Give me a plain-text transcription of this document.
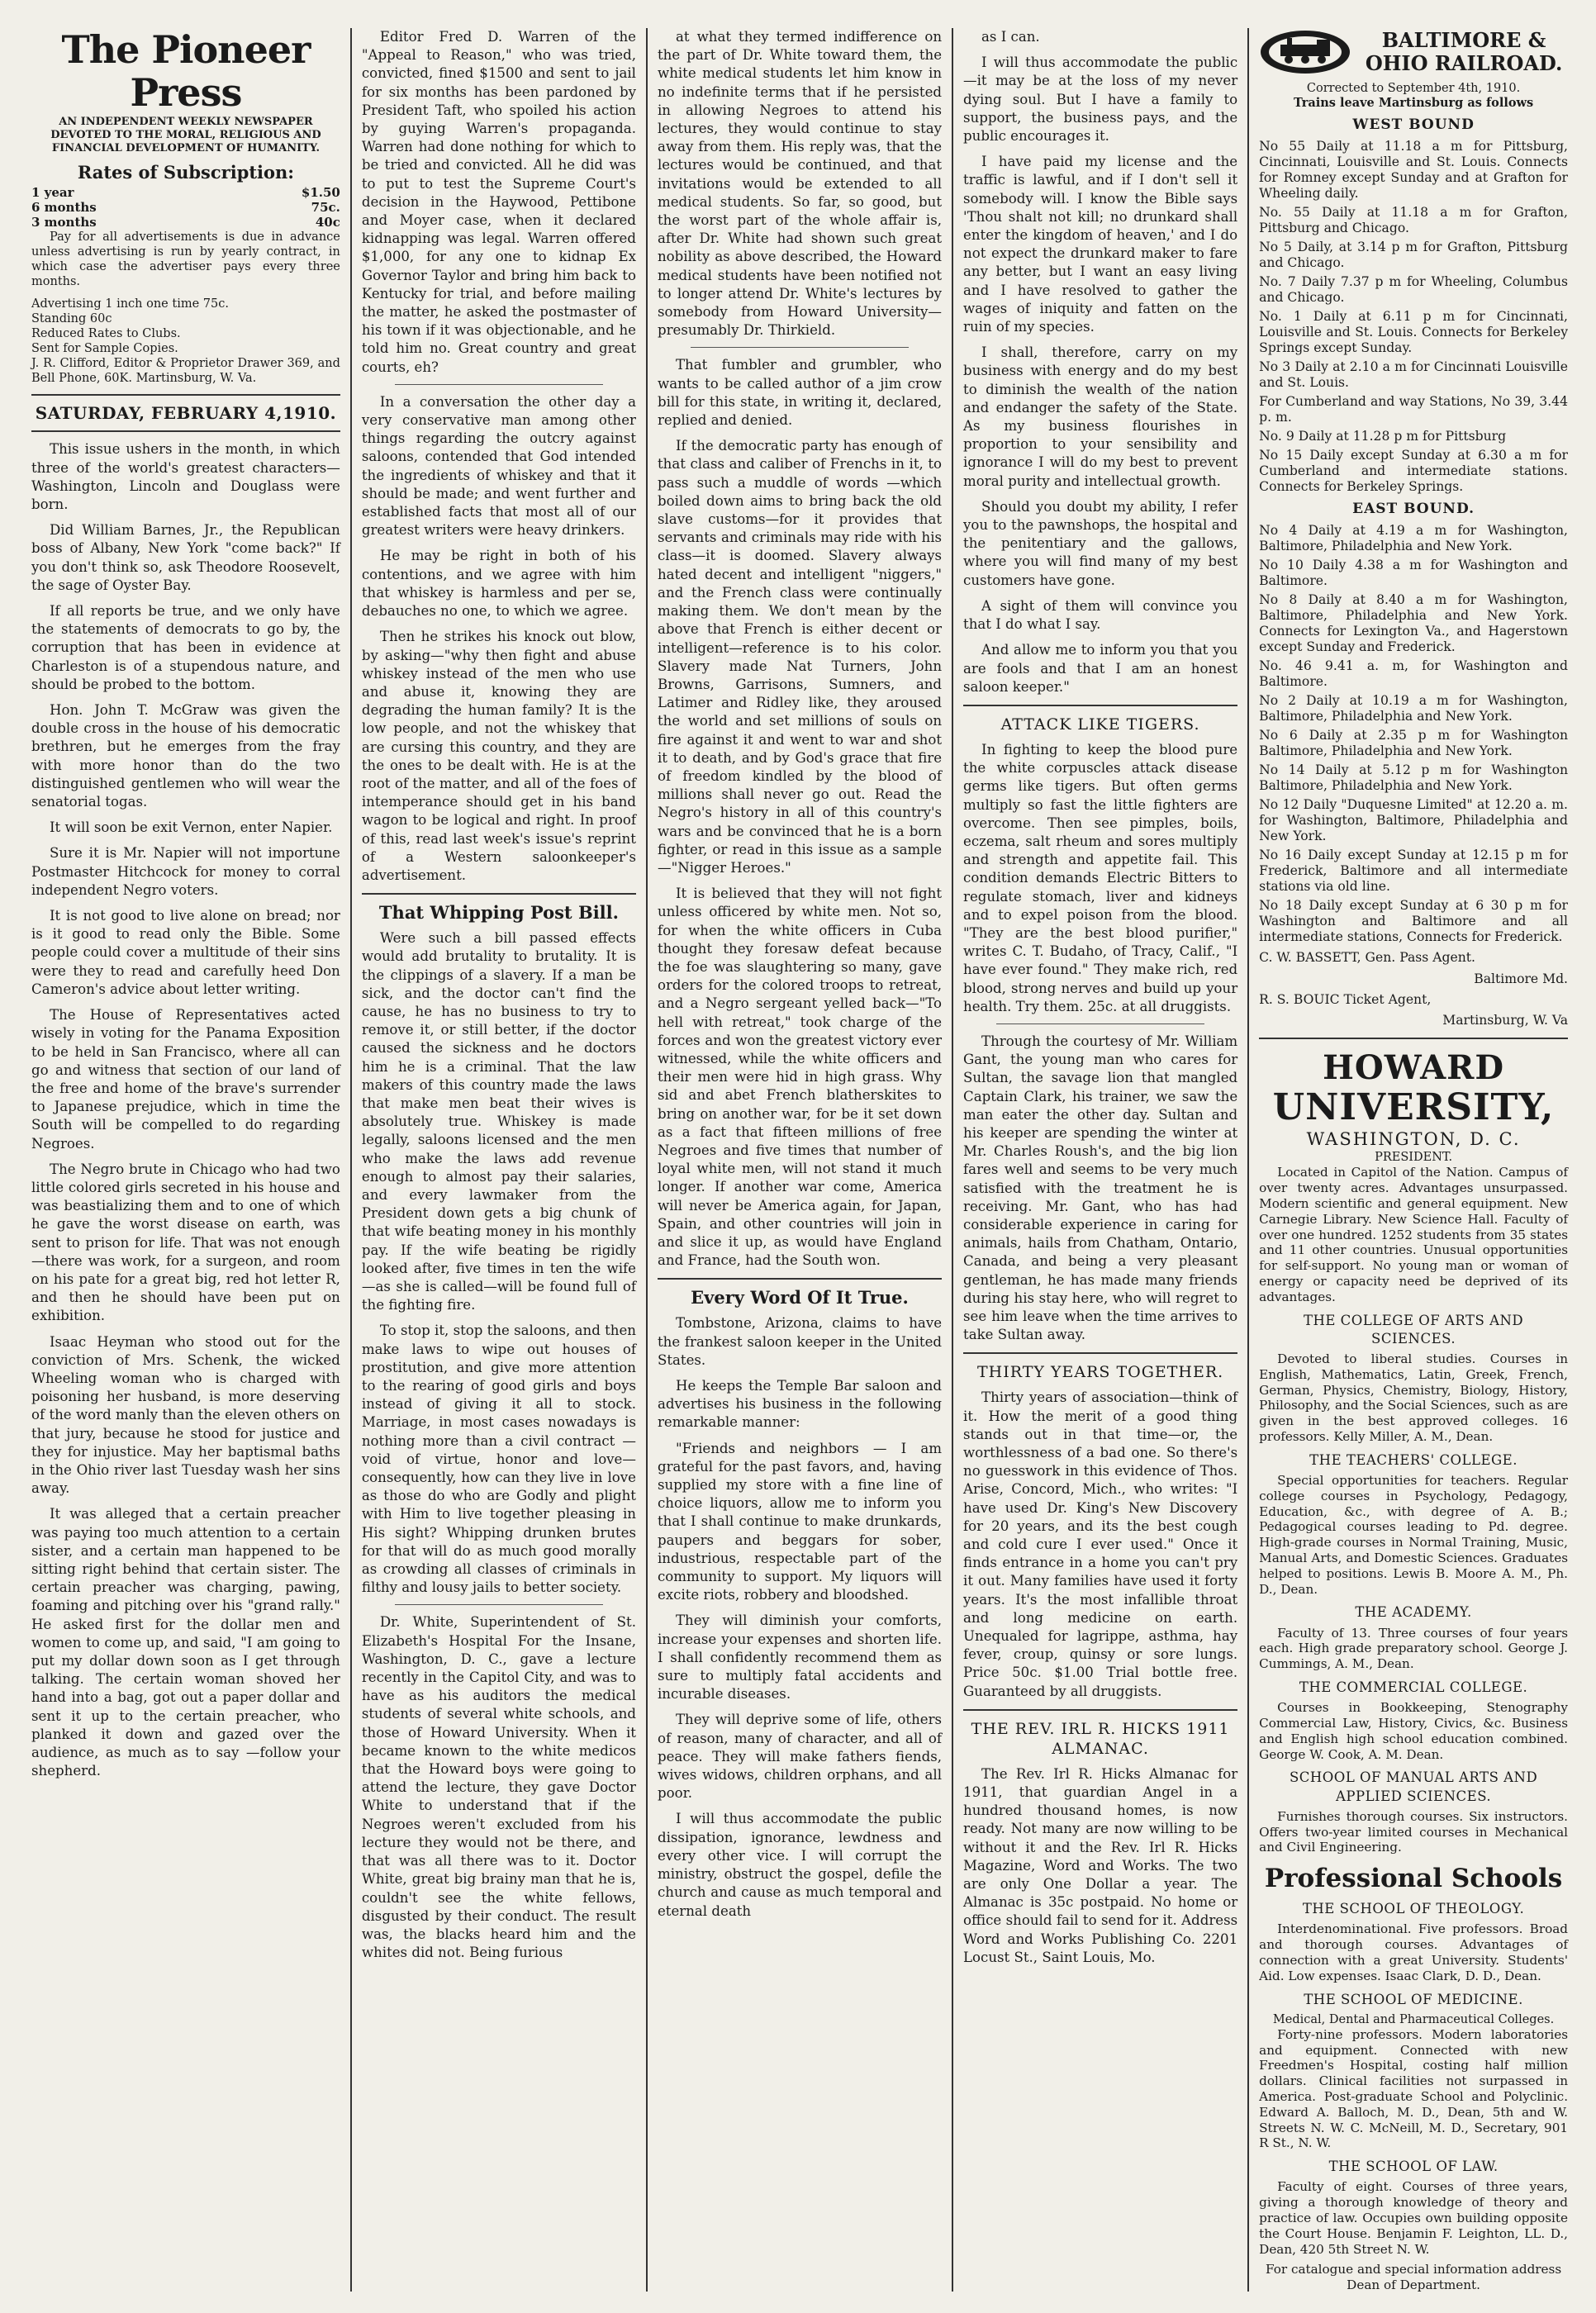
The Pioneer Press
AN INDEPENDENT WEEKLY NEWSPAPER DEVOTED TO THE MORAL, RELIGIOUS AND FINANCIAL DEVELOPMENT OF HUMANITY.
Rates of Subscription:
1 year	$1.50
6 months	75c.
3 months	40c

Pay for all advertisements is due in advance unless advertising is run by yearly contract, in which case the advertiser pays every three months.

Advertising 1 inch one time 75c.
Standing 60c
Reduced Rates to Clubs.
Sent for Sample Copies.
J. R. Clifford, Editor & Proprietor Drawer 369, and Bell Phone, 60K. Martinsburg, W. Va.
SATURDAY, FEBRUARY 4,1910.

This issue ushers in the month, in which three of the world's greatest characters—Washington, Lincoln and Douglass were born.

Did William Barnes, Jr., the Republican boss of Albany, New York "come back?" If you don't think so, ask Theodore Roosevelt, the sage of Oyster Bay.

If all reports be true, and we only have the statements of democrats to go by, the corruption that has been in evidence at Charleston is of a stupendous nature, and should be probed to the bottom.

Hon. John T. McGraw was given the double cross in the house of his democratic brethren, but he emerges from the fray with more honor than do the two distinguished gentlemen who will wear the senatorial togas.

It will soon be exit Vernon, enter Napier.

Sure it is Mr. Napier will not importune Postmaster Hitchcock for money to corral independent Negro voters.

It is not good to live alone on bread; nor is it good to read only the Bible. Some people could cover a multitude of their sins were they to read and carefully heed Don Cameron's advice about letter writing.

The House of Representatives acted wisely in voting for the Panama Exposition to be held in San Francisco, where all can go and witness that section of our land of the free and home of the brave's surrender to Japanese prejudice, which in time the South will be compelled to do regarding Negroes.

The Negro brute in Chicago who had two little colored girls secreted in his house and was beastializing them and to one of which he gave the worst disease on earth, was sent to prison for life. That was not enough—there was work, for a surgeon, and room on his pate for a great big, red hot letter R, and then he should have been put on exhibition.

Isaac Heyman who stood out for the conviction of Mrs. Schenk, the wicked Wheeling woman who is charged with poisoning her husband, is more deserving of the word manly than the eleven others on that jury, because he stood for justice and they for injustice. May her baptismal baths in the Ohio river last Tuesday wash her sins away.

It was alleged that a certain preacher was paying too much attention to a certain sister, and a certain man happened to be sitting right behind that certain sister. The certain preacher was charging, pawing, foaming and pitching over his "grand rally." He asked first for the dollar men and women to come up, and said, "I am going to put my dollar down soon as I get through talking. The certain woman shoved her hand into a bag, got out a paper dollar and sent it up to the certain preacher, who planked it down and gazed over the audience, as much as to say —follow your shepherd.

Editor Fred D. Warren of the "Appeal to Reason," who was tried, convicted, fined $1500 and sent to jail for six months has been pardoned by President Taft, who spoiled his action by guying Warren's propaganda. Warren had done nothing for which to be tried and convicted. All he did was to put to test the Supreme Court's decision in the Haywood, Pettibone and Moyer case, when it declared kidnapping was legal. Warren offered $1,000, for any one to kidnap Ex Governor Taylor and bring him back to Kentucky for trial, and before mailing the matter, he asked the postmaster of his town if it was objectionable, and he told him no. Great country and great courts, eh?

In a conversation the other day a very conservative man among other things regarding the outcry against saloons, contended that God intended the ingredients of whiskey and that it should be made; and went further and established facts that most all of our greatest writers were heavy drinkers.

He may be right in both of his contentions, and we agree with him that whiskey is harmless and per se, debauches no one, to which we agree.

Then he strikes his knock out blow, by asking—"why then fight and abuse whiskey instead of the men who use and abuse it, knowing they are degrading the human family? It is the low people, and not the whiskey that are cursing this country, and they are the ones to be dealt with. He is at the root of the matter, and all of the foes of intemperance should get in his band wagon to be logical and right. In proof of this, read last week's issue's reprint of a Western saloonkeeper's advertisement.

That Whipping Post Bill.

Were such a bill passed effects would add brutality to brutality. It is the clippings of a slavery. If a man be sick, and the doctor can't find the cause, he has no business to try to remove it, or still better, if the doctor caused the sickness and he doctors him he is a criminal. That the law makers of this country made the laws that make men beat their wives is absolutely true. Whiskey is made legally, saloons licensed and the men who make the laws add revenue enough to almost pay their salaries, and every lawmaker from the President down gets a big chunk of that wife beating money in his monthly pay. If the wife beating be rigidly looked after, five times in ten the wife—as she is called—will be found full of the fighting fire.

To stop it, stop the saloons, and then make laws to wipe out houses of prostitution, and give more attention to the rearing of good girls and boys instead of giving it all to stock. Marriage, in most cases nowadays is nothing more than a civil contract —void of virtue, honor and love—consequently, how can they live in love as those do who are Godly and plight with Him to live together pleasing in His sight? Whipping drunken brutes for that will do as much good morally as crowding all classes of criminals in filthy and lousy jails to better society.

Dr. White, Superintendent of St. Elizabeth's Hospital For the Insane, Washington, D. C., gave a lecture recently in the Capitol City, and was to have as his auditors the medical students of several white schools, and those of Howard University. When it became known to the white medicos that the Howard boys were going to attend the lecture, they gave Doctor White to understand that if the Negroes weren't excluded from his lecture they would not be there, and that was all there was to it. Doctor White, great big brainy man that he is, couldn't see the white fellows, disgusted by their conduct. The result was, the blacks heard him and the whites did not. Being furious

at what they termed indifference on the part of Dr. White toward them, the white medical students let him know in no indefinite terms that if he persisted in allowing Negroes to attend his lectures, they would continue to stay away from them. His reply was, that the lectures would be continued, and that invitations would be extended to all medical students. So far, so good, but the worst part of the whole affair is, after Dr. White had shown such great nobility as above described, the Howard medical students have been notified not to longer attend Dr. White's lectures by somebody from Howard University—presumably Dr. Thirkield.

That fumbler and grumbler, who wants to be called author of a jim crow bill for this state, in writing it, declared, replied and denied.

If the democratic party has enough of that class and caliber of Frenchs in it, to pass such a muddle of words —which boiled down aims to bring back the old slave customs—for it provides that servants and criminals may ride with his class—it is doomed. Slavery always hated decent and intelligent "niggers," and the French class were continually making them. We don't mean by the above that French is either decent or intelligent—reference is to his color. Slavery made Nat Turners, John Browns, Garrisons, Sumners, and Latimer and Ridley like, they aroused the world and set millions of souls on fire against it and went to war and shot it to death, and by God's grace that fire of freedom kindled by the blood of millions shall never go out. Read the Negro's history in all of this country's wars and be convinced that he is a born fighter, or read in this issue as a sample—"Nigger Heroes."

It is believed that they will not fight unless officered by white men. Not so, for when the white officers in Cuba thought they foresaw defeat because the foe was slaughtering so many, gave orders for the colored troops to retreat, and a Negro sergeant yelled back—"To hell with retreat," took charge of the forces and won the greatest victory ever witnessed, while the white officers and their men were hid in high grass. Why sid and abet French blatherskites to bring on another war, for be it set down as a fact that fifteen millions of free Negroes and five times that number of loyal white men, will not stand it much longer. If another war come, America will never be America again, for Japan, Spain, and other countries will join in and slice it up, as would have England and France, had the South won.

Every Word Of It True.

Tombstone, Arizona, claims to have the frankest saloon keeper in the United States.

He keeps the Temple Bar saloon and advertises his business in the following remarkable manner:

"Friends and neighbors — I am grateful for the past favors, and, having supplied my store with a fine line of choice liquors, allow me to inform you that I shall continue to make drunkards, paupers and beggars for sober, industrious, respectable part of the community to support. My liquors will excite riots, robbery and bloodshed.

They will diminish your comforts, increase your expenses and shorten life. I shall confidently recommend them as sure to multiply fatal accidents and incurable diseases.

They will deprive some of life, others of reason, many of character, and all of peace. They will make fathers fiends, wives widows, children orphans, and all poor.

I will thus accommodate the public dissipation, ignorance, lewdness and every other vice. I will corrupt the ministry, obstruct the gospel, defile the church and cause as much temporal and eternal death

as I can.

I will thus accommodate the public—it may be at the loss of my never dying soul. But I have a family to support, the business pays, and the public encourages it.

I have paid my license and the traffic is lawful, and if I don't sell it somebody will. I know the Bible says 'Thou shalt not kill; no drunkard shall enter the kingdom of heaven,' and I do not expect the drunkard maker to fare any better, but I want an easy living and I have resolved to gather the wages of iniquity and fatten on the ruin of my species.

I shall, therefore, carry on my business with energy and do my best to diminish the wealth of the nation and endanger the safety of the State. As my business flourishes in proportion to your sensibility and ignorance I will do my best to prevent moral purity and intellectual growth.

Should you doubt my ability, I refer you to the pawnshops, the hospital and the penitentiary and the gallows, where you will find many of my best customers have gone.

A sight of them will convince you that I do what I say.

And allow me to inform you that you are fools and that I am an honest saloon keeper."

ATTACK LIKE TIGERS.

In fighting to keep the blood pure the white corpuscles attack disease germs like tigers. But often germs multiply so fast the little fighters are overcome. Then see pimples, boils, eczema, salt rheum and sores multiply and strength and appetite fail. This condition demands Electric Bitters to regulate stomach, liver and kidneys and to expel poison from the blood. "They are the best blood purifier," writes C. T. Budaho, of Tracy, Calif., "I have ever found." They make rich, red blood, strong nerves and build up your health. Try them. 25c. at all druggists.

Through the courtesy of Mr. William Gant, the young man who cares for Sultan, the savage lion that mangled Captain Clark, his trainer, we saw the man eater the other day. Sultan and his keeper are spending the winter at Mr. Charles Roush's, and the big lion fares well and seems to be very much satisfied with the treatment he is receiving. Mr. Gant, who has had considerable experience in caring for animals, hails from Chatham, Ontario, Canada, and being a very pleasant gentleman, he has made many friends during his stay here, who will regret to see him leave when the time arrives to take Sultan away.

THIRTY YEARS TOGETHER.

Thirty years of association—think of it. How the merit of a good thing stands out in that time—or, the worthlessness of a bad one. So there's no guesswork in this evidence of Thos. Arise, Concord, Mich., who writes: "I have used Dr. King's New Discovery for 20 years, and its the best cough and cold cure I ever used." Once it finds entrance in a home you can't pry it out. Many families have used it forty years. It's the most infallible throat and long medicine on earth. Unequaled for lagrippe, asthma, hay fever, croup, quinsy or sore lungs. Price 50c. $1.00 Trial bottle free. Guaranteed by all druggists.

THE REV. IRL R. HICKS 1911 ALMANAC.

The Rev. Irl R. Hicks Almanac for 1911, that guardian Angel in a hundred thousand homes, is now ready. Not many are now willing to be without it and the Rev. Irl R. Hicks Magazine, Word and Works. The two are only One Dollar a year. The Almanac is 35c postpaid. No home or office should fail to send for it. Address Word and Works Publishing Co. 2201 Locust St., Saint Louis, Mo.

BALTIMORE & OHIO RAILROAD.
Corrected to September 4th, 1910.
Trains leave Martinsburg as follows
WEST BOUND

No 55 Daily at 11.18 a m for Pittsburg, Cincinnati, Louisville and St. Louis. Connects for Romney except Sunday and at Grafton for Wheeling daily.

No. 55 Daily at 11.18 a m for Grafton, Pittsburg and Chicago.

No 5 Daily, at 3.14 p m for Grafton, Pittsburg and Chicago.

No. 7 Daily 7.37 p m for Wheeling, Columbus and Chicago.

No. 1 Daily at 6.11 p m for Cincinnati, Louisville and St. Louis. Connects for Berkeley Springs except Sunday.

No 3 Daily at 2.10 a m for Cincinnati Louisville and St. Louis.

For Cumberland and way Stations, No 39, 3.44 p. m.

No. 9 Daily at 11.28 p m for Pittsburg

No 15 Daily except Sunday at 6.30 a m for Cumberland and intermediate stations. Connects for Berkeley Springs.

EAST BOUND.

No 4 Daily at 4.19 a m for Washington, Baltimore, Philadelphia and New York.

No 10 Daily 4.38 a m for Washington and Baltimore.

No 8 Daily at 8.40 a m for Washington, Baltimore, Philadelphia and New York. Connects for Lexington Va., and Hagerstown except Sunday and Frederick.

No. 46 9.41 a. m, for Washington and Baltimore.

No 2 Daily at 10.19 a m for Washington, Baltimore, Philadelphia and New York.

No 6 Daily at 2.35 p m for Washington Baltimore, Philadelphia and New York.

No 14 Daily at 5.12 p m for Washington Baltimore, Philadelphia and New York.

No 12 Daily "Duquesne Limited" at 12.20 a. m. for Washington, Baltimore, Philadelphia and New York.

No 16 Daily except Sunday at 12.15 p m for Frederick, Baltimore and all intermediate stations via old line.

No 18 Daily except Sunday at 6 30 p m for Washington and Baltimore and all intermediate stations, Connects for Frederick.

C. W. BASSETT, Gen. Pass Agent.

Baltimore Md.

R. S. BOUIC Ticket Agent,

Martinsburg, W. Va

HOWARD
UNIVERSITY,
WASHINGTON, D. C.
PRESIDENT.

Located in Capitol of the Nation. Campus of over twenty acres. Advantages unsurpassed. Modern scientific and general equipment. New Carnegie Library. New Science Hall. Faculty of over one hundred. 1252 students from 35 states and 11 other countries. Unusual opportunities for self-support. No young man or woman of energy or capacity need be deprived of its advantages.

THE COLLEGE OF ARTS AND SCIENCES.

Devoted to liberal studies. Courses in English, Mathematics, Latin, Greek, French, German, Physics, Chemistry, Biology, History, Philosophy, and the Social Sciences, such as are given in the best approved colleges. 16 professors. Kelly Miller, A. M., Dean.

THE TEACHERS' COLLEGE.

Special opportunities for teachers. Regular college courses in Psychology, Pedagogy, Education, &c., with degree of A. B.; Pedagogical courses leading to Pd. degree. High-grade courses in Normal Training, Music, Manual Arts, and Domestic Sciences. Graduates helped to positions. Lewis B. Moore A. M., Ph. D., Dean.

THE ACADEMY.

Faculty of 13. Three courses of four years each. High grade preparatory school. George J. Cummings, A. M., Dean.

THE COMMERCIAL COLLEGE.

Courses in Bookkeeping, Stenography Commercial Law, History, Civics, &c. Business and English high school education combined. George W. Cook, A. M. Dean.

SCHOOL OF MANUAL ARTS AND APPLIED SCIENCES.

Furnishes thorough courses. Six instructors. Offers two-year limited courses in Mechanical and Civil Engineering.

Professional Schools
THE SCHOOL OF THEOLOGY.

Interdenominational. Five professors. Broad and thorough courses. Advantages of connection with a great University. Students' Aid. Low expenses. Isaac Clark, D. D., Dean.

THE SCHOOL OF MEDICINE.
Medical, Dental and Pharmaceutical Colleges.

Forty-nine professors. Modern laboratories and equipment. Connected with new Freedmen's Hospital, costing half million dollars. Clinical facilities not surpassed in America. Post-graduate School and Polyclinic. Edward A. Balloch, M. D., Dean, 5th and W. Streets N. W. C. McNeill, M. D., Secretary, 901 R St., N. W.

THE SCHOOL OF LAW.

Faculty of eight. Courses of three years, giving a thorough knowledge of theory and practice of law. Occupies own building opposite the Court House. Benjamin F. Leighton, LL. D., Dean, 420 5th Street N. W.

For catalogue and special information address Dean of Department.
